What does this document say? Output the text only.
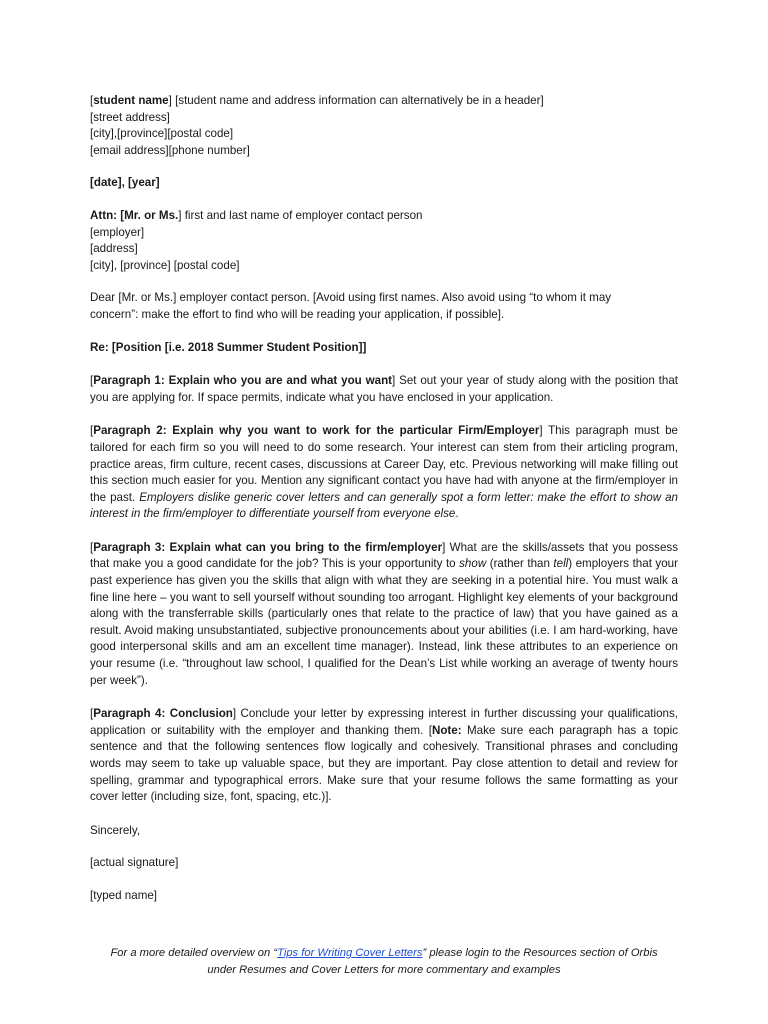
[student name] [student name and address information can alternatively be in a header]
[street address]
[city],[province][postal code]
[email address][phone number]
[date], [year]
Attn: [Mr. or Ms.] first and last name of employer contact person
[employer]
[address]
[city], [province] [postal code]
Dear [Mr. or Ms.] employer contact person. [Avoid using first names. Also avoid using “to whom it may
concern”: make the effort to find who will be reading your application, if possible].
Re: [Position [i.e. 2018 Summer Student Position]]

[Paragraph 1: Explain who you are and what you want] Set out your year of study along with the position that you are applying for. If space permits, indicate what you have enclosed in your application.

[Paragraph 2: Explain why you want to work for the particular Firm/Employer] This paragraph must be tailored for each firm so you will need to do some research. Your interest can stem from their articling program, practice areas, firm culture, recent cases, discussions at Career Day, etc. Previous networking will make filling out this section much easier for you. Mention any significant contact you have had with anyone at the firm/employer in the past. Employers dislike generic cover letters and can generally spot a form letter: make the effort to show an interest in the firm/employer to differentiate yourself from everyone else.

[Paragraph 3: Explain what can you bring to the firm/employer] What are the skills/assets that you possess that make you a good candidate for the job? This is your opportunity to show (rather than tell) employers that your past experience has given you the skills that align with what they are seeking in a potential hire. You must walk a fine line here – you want to sell yourself without sounding too arrogant. Highlight key elements of your background along with the transferrable skills (particularly ones that relate to the practice of law) that you have gained as a result. Avoid making unsubstantiated, subjective pronouncements about your abilities (i.e. I am hard-working, have good interpersonal skills and am an excellent time manager). Instead, link these attributes to an experience on your resume (i.e. “throughout law school, I qualified for the Dean’s List while working an average of twenty hours per week”).

[Paragraph 4: Conclusion] Conclude your letter by expressing interest in further discussing your qualifications, application or suitability with the employer and thanking them. [Note: Make sure each paragraph has a topic sentence and that the following sentences flow logically and cohesively. Transitional phrases and concluding words may seem to take up valuable space, but they are important. Pay close attention to detail and review for spelling, grammar and typographical errors. Make sure that your resume follows the same formatting as your cover letter (including size, font, spacing, etc.)].

Sincerely,
[actual signature]
[typed name]
For a more detailed overview on “Tips for Writing Cover Letters” please login to the Resources section of Orbis
under Resumes and Cover Letters for more commentary and examples
